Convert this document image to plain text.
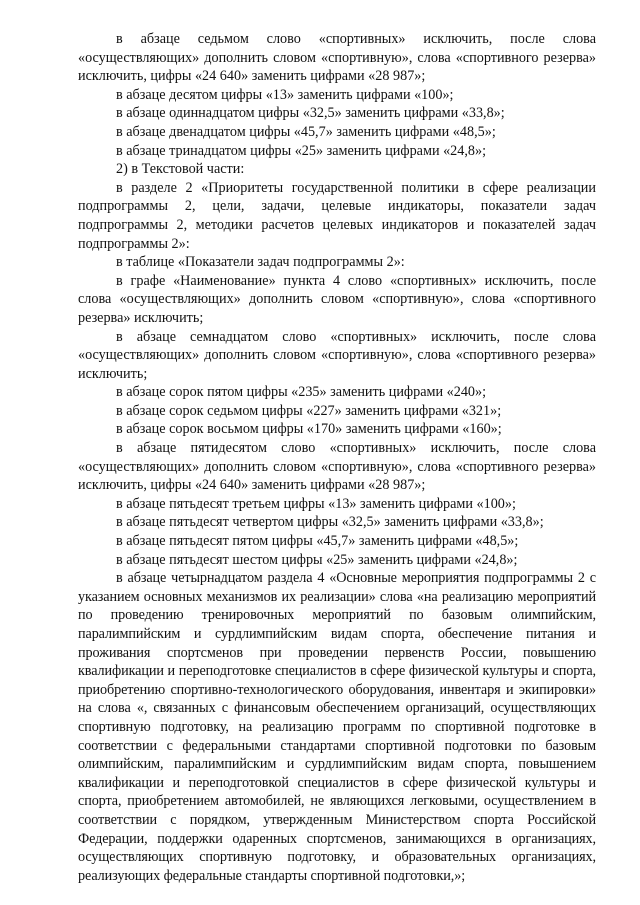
в абзаце седьмом слово «спортивных» исключить, после слова «осуществляющих» дополнить словом «спортивную», слова «спортивного резерва» исключить, цифры «24 640» заменить цифрами «28 987»;

в абзаце десятом цифры «13» заменить цифрами «100»;

в абзаце одиннадцатом цифры «32,5» заменить цифрами «33,8»;

в абзаце двенадцатом цифры «45,7» заменить цифрами «48,5»;

в абзаце тринадцатом цифры «25» заменить цифрами «24,8»;

2) в Текстовой части:

в разделе 2 «Приоритеты государственной политики в сфере реализации подпрограммы 2, цели, задачи, целевые индикаторы, показатели задач подпрограммы 2, методики расчетов целевых индикаторов и показателей задач подпрограммы 2»:

в таблице «Показатели задач подпрограммы 2»:

в графе «Наименование» пункта 4 слово «спортивных» исключить, после слова «осуществляющих» дополнить словом «спортивную», слова «спортивного резерва» исключить;

в абзаце семнадцатом слово «спортивных» исключить, после слова «осуществляющих» дополнить словом «спортивную», слова «спортивного резерва» исключить;

в абзаце сорок пятом цифры «235» заменить цифрами «240»;

в абзаце сорок седьмом цифры «227» заменить цифрами «321»;

в абзаце сорок восьмом цифры «170» заменить цифрами «160»;

в абзаце пятидесятом слово «спортивных» исключить, после слова «осуществляющих» дополнить словом «спортивную», слова «спортивного резерва» исключить, цифры «24 640» заменить цифрами «28 987»;

в абзаце пятьдесят третьем цифры «13» заменить цифрами «100»;

в абзаце пятьдесят четвертом цифры «32,5» заменить цифрами «33,8»;

в абзаце пятьдесят пятом цифры «45,7» заменить цифрами «48,5»;

в абзаце пятьдесят шестом цифры «25» заменить цифрами «24,8»;

в абзаце четырнадцатом раздела 4 «Основные мероприятия подпрограммы 2 с указанием основных механизмов их реализации» слова «на реализацию мероприятий по проведению тренировочных мероприятий по базовым олимпийским, паралимпийским и сурдлимпийским видам спорта, обеспечение питания и проживания спортсменов при проведении первенств России, повышению квалификации и переподготовке специалистов в сфере физической культуры и спорта, приобретению спортивно-технологического оборудования, инвентаря и экипировки» на слова «, связанных с финансовым обеспечением организаций, осуществляющих спортивную подготовку, на реализацию программ по спортивной подготовке в соответствии с федеральными стандартами спортивной подготовки по базовым олимпийским, паралимпийским и сурдлимпийским видам спорта, повышением квалификации и переподготовкой специалистов в сфере физической культуры и спорта, приобретением автомобилей, не являющихся легковыми, осуществлением в соответствии с порядком, утвержденным Министерством спорта Российской Федерации, поддержки одаренных спортсменов, занимающихся в организациях, осуществляющих спортивную подготовку, и образовательных организациях, реализующих федеральные стандарты спортивной подготовки,»;
